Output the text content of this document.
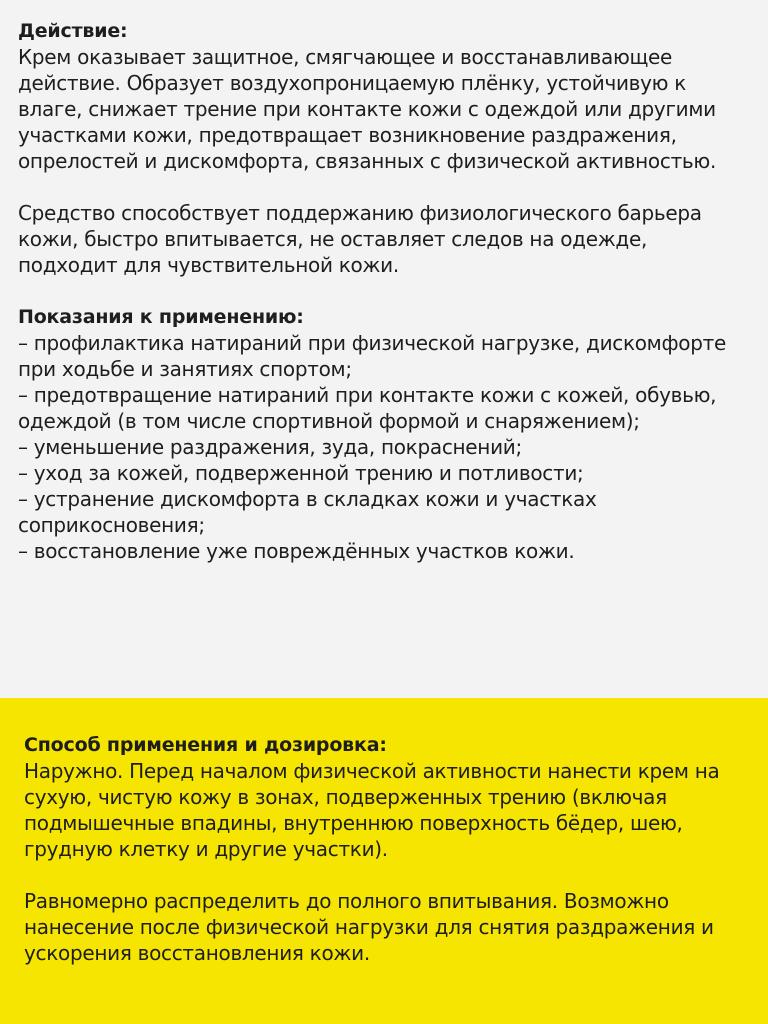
Действие:

Крем оказывает защитное, смягчающее и восстанавливающее действие. Образует воздухопроницаемую плёнку, устойчивую к влаге, снижает трение при контакте кожи с одеждой или другими участками кожи, предотвращает возникновение раздражения, опрелостей и дискомфорта, связанных с физической активностью.

Средство способствует поддержанию физиологического барьера кожи, быстро впитывается, не оставляет следов на одежде, подходит для чувствительной кожи.

Показания к применению:
– профилактика натираний при физической нагрузке, дискомфорте при ходьбе и занятиях спортом;
– предотвращение натираний при контакте кожи с кожей, обувью, одеждой (в том числе спортивной формой и снаряжением);
– уменьшение раздражения, зуда, покраснений;
– уход за кожей, подверженной трению и потливости;
– устранение дискомфорта в складках кожи и участках соприкосновения;
– восстановление уже повреждённых участков кожи.
Способ применения и дозировка:

Наружно. Перед началом физической активности нанести крем на сухую, чистую кожу в зонах, подверженных трению (включая подмышечные впадины, внутреннюю поверхность бёдер, шею, грудную клетку и другие участки).

Равномерно распределить до полного впитывания. Возможно нанесение после физической нагрузки для снятия раздражения и ускорения восстановления кожи.
